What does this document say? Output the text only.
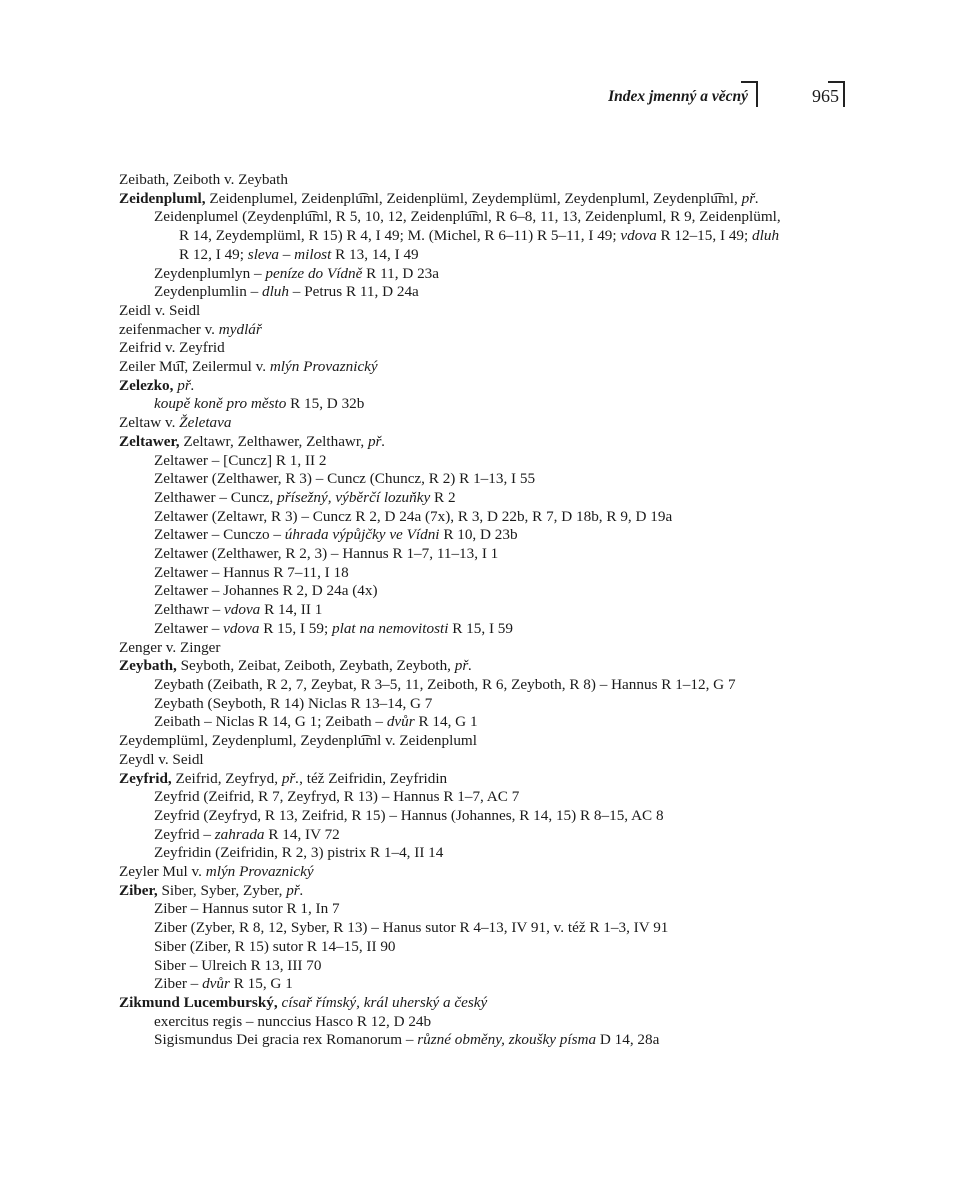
Index jmenný a věcný	965
Zeibath, Zeiboth v. Zeybath
Zeidenpluml, Zeidenplumel, Zeidenplu͡ml, Zeidenplüml, Zeydemplüml, Zeydenpluml, Zeydenplu͡ml, př.
Zeidenplumel (Zeydenplu͡ml, R 5, 10, 12, Zeidenplu͡ml, R 6–8, 11, 13, Zeidenpluml, R 9, Zeidenplüml,
R 14, Zeydemplüml, R 15) R 4, I 49; M. (Michel, R 6–11) R 5–11, I 49; vdova R 12–15, I 49; dluh
R 12, I 49; sleva – milost R 13, 14, I 49
Zeydenplumlyn – peníze do Vídně R 11, D 23a
Zeydenplumlin – dluh – Petrus R 11, D 24a
Zeidl v. Seidl
zeifenmacher v. mydlář
Zeifrid v. Zeyfrid
Zeiler Mu͡l, Zeilermul v. mlýn Provaznický
Zelezko, př.
koupě koně pro město R 15, D 32b
Zeltaw v. Želetava
Zeltawer, Zeltawr, Zelthawer, Zelthawr, př.
Zeltawer – [Cuncz] R 1, II 2
Zeltawer (Zelthawer, R 3) – Cuncz (Chuncz, R 2) R 1–13, I 55
Zelthawer – Cuncz, přísežný, výběrčí lozuňky R 2
Zeltawer (Zeltawr, R 3) – Cuncz R 2, D 24a (7x), R 3, D 22b, R 7, D 18b, R 9, D 19a
Zeltawer – Cunczo – úhrada výpůjčky ve Vídni R 10, D 23b
Zeltawer (Zelthawer, R 2, 3) – Hannus R 1–7, 11–13, I 1
Zeltawer – Hannus R 7–11, I 18
Zeltawer – Johannes R 2, D 24a (4x)
Zelthawr – vdova R 14, II 1
Zeltawer – vdova R 15, I 59; plat na nemovitosti R 15, I 59
Zenger v. Zinger
Zeybath, Seyboth, Zeibat, Zeiboth, Zeybath, Zeyboth, př.
Zeybath (Zeibath, R 2, 7, Zeybat, R 3–5, 11, Zeiboth, R 6, Zeyboth, R 8) – Hannus R 1–12, G 7
Zeybath (Seyboth, R 14) Niclas R 13–14, G 7
Zeibath – Niclas R 14, G 1; Zeibath – dvůr R 14, G 1
Zeydemplüml, Zeydenpluml, Zeydenplu͡ml v. Zeidenpluml
Zeydl v. Seidl
Zeyfrid, Zeifrid, Zeyfryd, př., též Zeifridin, Zeyfridin
Zeyfrid (Zeifrid, R 7, Zeyfryd, R 13) – Hannus R 1–7, AC 7
Zeyfrid (Zeyfryd, R 13, Zeifrid, R 15) – Hannus (Johannes, R 14, 15) R 8–15, AC 8
Zeyfrid – zahrada R 14, IV 72
Zeyfridin (Zeifridin, R 2, 3) pistrix R 1–4, II 14
Zeyler Mul v. mlýn Provaznický
Ziber, Siber, Syber, Zyber, př.
Ziber – Hannus sutor R 1, In 7
Ziber (Zyber, R 8, 12, Syber, R 13) – Hanus sutor R 4–13, IV 91, v. též R 1–3, IV 91
Siber (Ziber, R 15) sutor R 14–15, II 90
Siber – Ulreich R 13, III 70
Ziber – dvůr R 15, G 1
Zikmund Lucemburský, císař římský, král uherský a český
exercitus regis – nunccius Hasco R 12, D 24b
Sigismundus Dei gracia rex Romanorum – různé obměny, zkoušky písma D 14, 28a
